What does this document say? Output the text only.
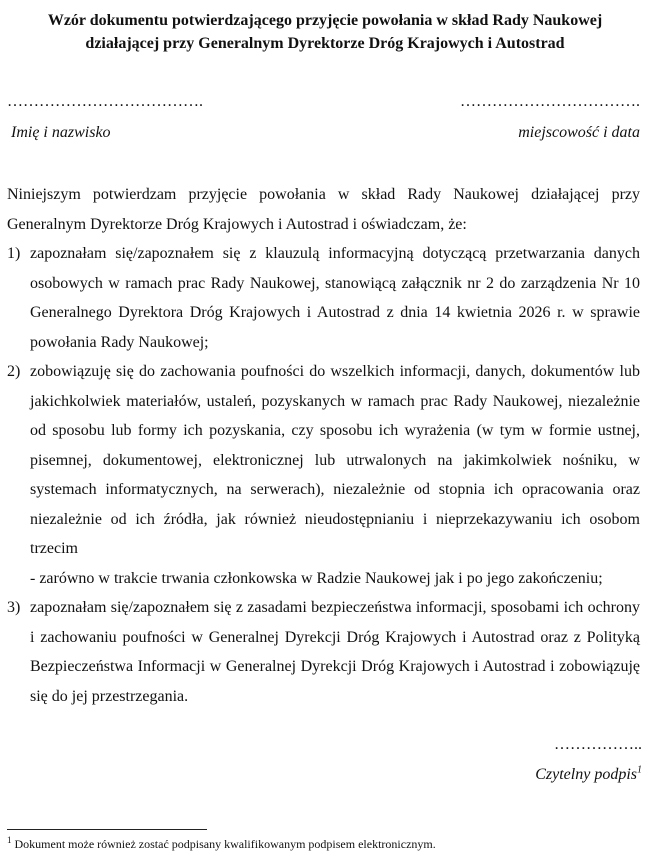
Wzór dokumentu potwierdzającego przyjęcie powołania w skład Rady Naukowej
działającej przy Generalnym Dyrektorze Dróg Krajowych i Autostrad
……………………………….
Imię i nazwisko
…………………………….
miejscowość i data

Niniejszym potwierdzam przyjęcie powołania w skład Rady Naukowej działającej przy Generalnym Dyrektorze Dróg Krajowych i Autostrad i oświadczam, że:

1) zapoznałam się/zapoznałem się z klauzulą informacyjną dotyczącą przetwarzania danych osobowych w ramach prac Rady Naukowej, stanowiącą załącznik nr 2 do zarządzenia Nr 10 Generalnego Dyrektora Dróg Krajowych i Autostrad z dnia 14 kwietnia 2026 r. w sprawie powołania Rady Naukowej;
2) zobowiązuję się do zachowania poufności do wszelkich informacji, danych, dokumentów lub jakichkolwiek materiałów, ustaleń, pozyskanych w ramach prac Rady Naukowej, niezależnie od sposobu lub formy ich pozyskania, czy sposobu ich wyrażenia (w tym w formie ustnej, pisemnej, dokumentowej, elektronicznej lub utrwalonych na jakimkolwiek nośniku, w systemach informatycznych, na serwerach), niezależnie od stopnia ich opracowania oraz niezależnie od ich źródła, jak również nieudostępnianiu i nieprzekazywaniu ich osobom trzecim
- zarówno w trakcie trwania członkowska w Radzie Naukowej jak i po jego zakończeniu;
3) zapoznałam się/zapoznałem się z zasadami bezpieczeństwa informacji, sposobami ich ochrony i zachowaniu poufności w Generalnej Dyrekcji Dróg Krajowych i Autostrad oraz z Polityką Bezpieczeństwa Informacji w Generalnej Dyrekcji Dróg Krajowych i Autostrad i zobowiązuję się do jej przestrzegania.
……………..
Czytelny podpis$^1$
$^1$ Dokument może również zostać podpisany kwalifikowanym podpisem elektronicznym.
